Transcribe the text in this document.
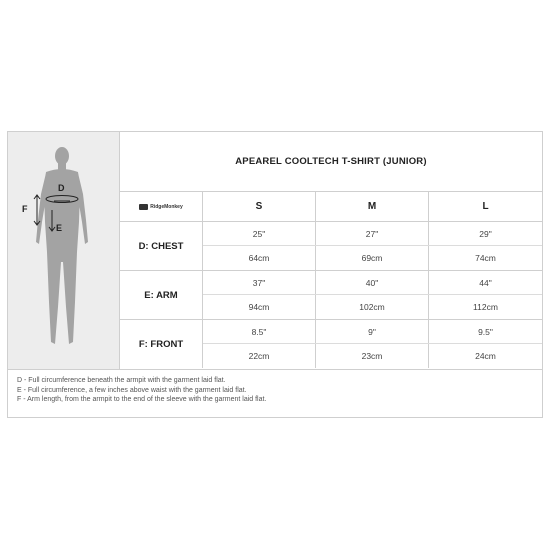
D
E
F
APEAREL COOLTECH T-SHIRT (JUNIOR)
RidgeMonkey	S	M	L
D: CHEST
25"	27"	29"
64cm	69cm	74cm
E: ARM
37"	40"	44"
94cm	102cm	112cm
F: FRONT
8.5"	9"	9.5"
22cm	23cm	24cm
D - Full circumference beneath the armpit with the garment laid flat.
E - Full circumference, a few inches above waist with the garment laid flat.
F - Arm length, from the armpit to the end of the sleeve with the garment laid flat.
